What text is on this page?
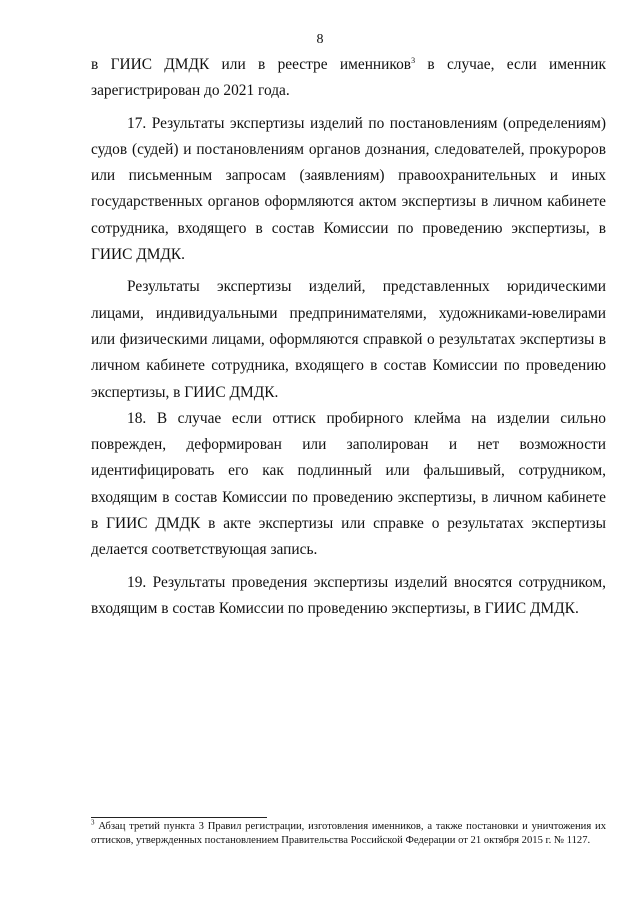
8

в ГИИС ДМДК или в реестре именников$^3$ в случае, если именник зарегистрирован до 2021 года.

17. Результаты экспертизы изделий по постановлениям (определениям) судов (судей) и постановлениям органов дознания, следователей, прокуроров или письменным запросам (заявлениям) правоохранительных и иных государственных органов оформляются актом экспертизы в личном кабинете сотрудника, входящего в состав Комиссии по проведению экспертизы, в ГИИС ДМДК.

Результаты экспертизы изделий, представленных юридическими лицами, индивидуальными предпринимателями, художниками-ювелирами или физическими лицами, оформляются справкой о результатах экспертизы в личном кабинете сотрудника, входящего в состав Комиссии по проведению экспертизы, в ГИИС ДМДК.

18. В случае если оттиск пробирного клейма на изделии сильно поврежден, деформирован или заполирован и нет возможности идентифицировать его как подлинный или фальшивый, сотрудником, входящим в состав Комиссии по проведению экспертизы, в личном кабинете в ГИИС ДМДК в акте экспертизы или справке о результатах экспертизы делается соответствующая запись.

19. Результаты проведения экспертизы изделий вносятся сотрудником, входящим в состав Комиссии по проведению экспертизы, в ГИИС ДМДК.

$^3$ Абзац третий пункта 3 Правил регистрации, изготовления именников, а также постановки и уничтожения их оттисков, утвержденных постановлением Правительства Российской Федерации от 21 октября 2015 г. № 1127.
